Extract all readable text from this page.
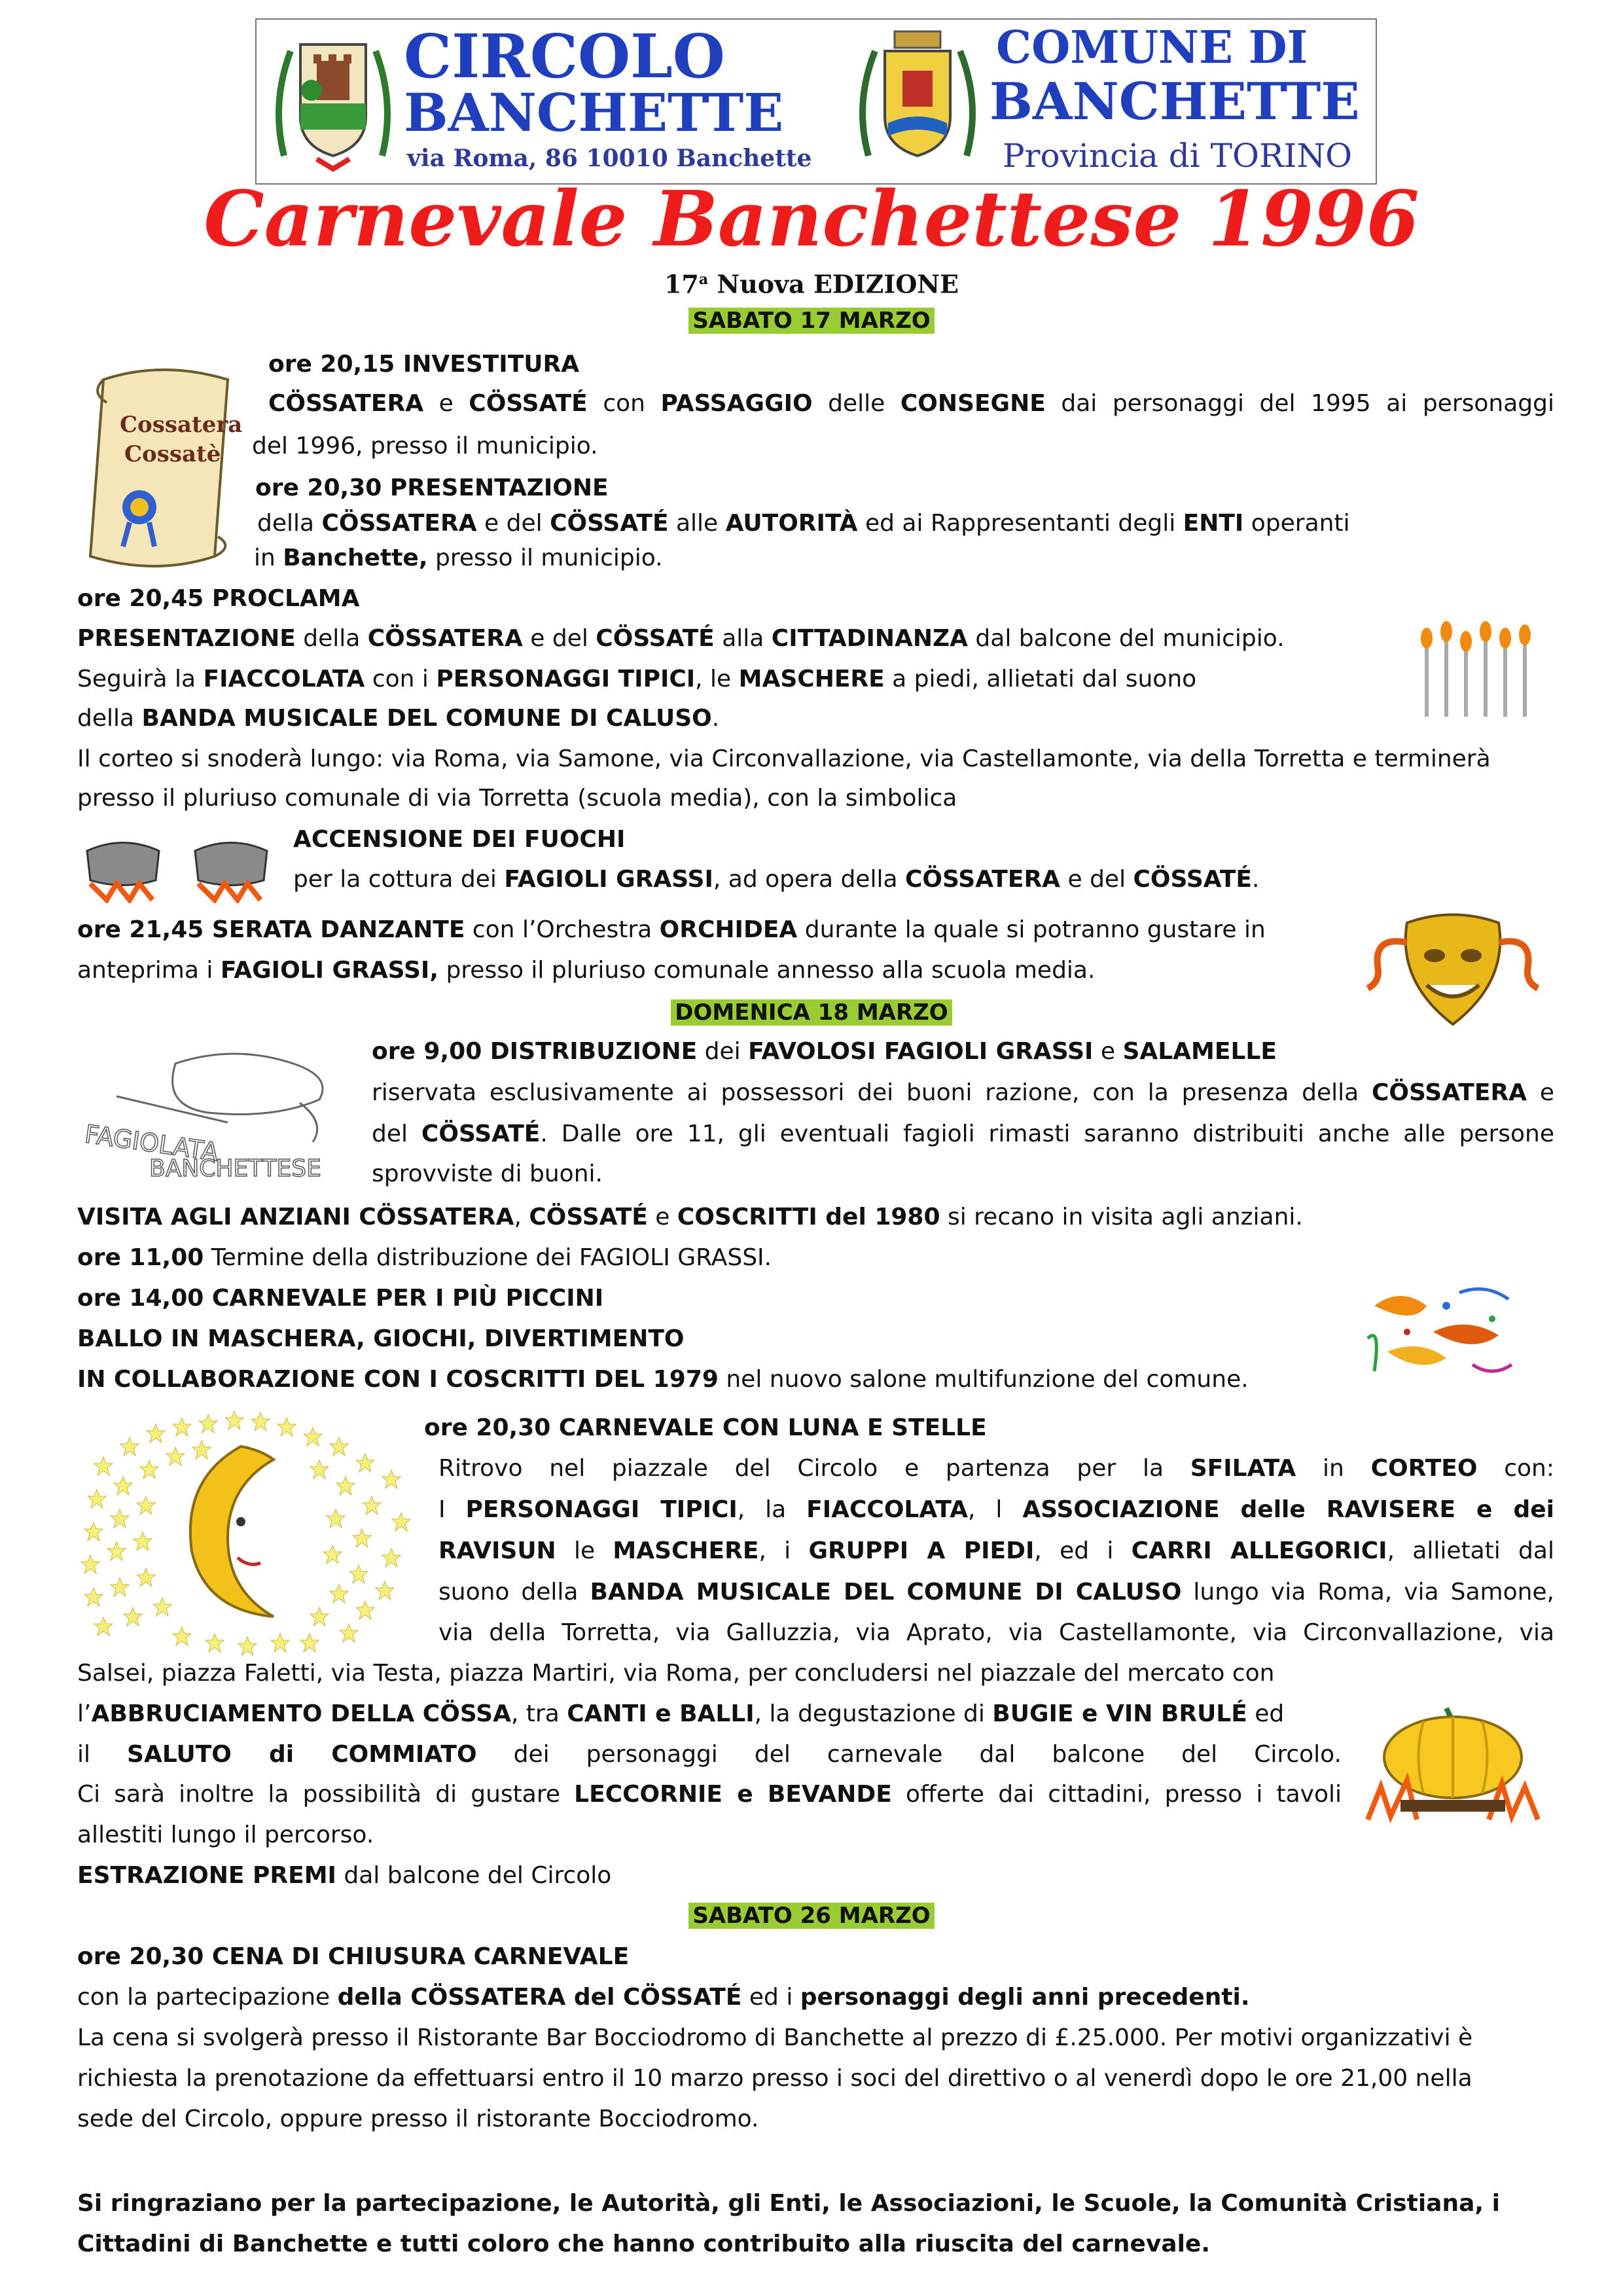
CIRCOLO
BANCHETTE
via Roma, 86 10010 Banchette
COMUNE DI
BANCHETTE
Provincia di TORINO
Carnevale Banchettese 1996
17$^a$ Nuova EDIZIONE
SABATO 17 MARZO
Cossatera
Cossatè
ore 20,15 INVESTITURA
CÖSSATERA e CÖSSATÉ con PASSAGGIO delle CONSEGNE dai personaggi del 1995 ai personaggi
del 1996, presso il municipio.
ore 20,30 PRESENTAZIONE
della CÖSSATERA e del CÖSSATÉ alle AUTORITÀ ed ai Rappresentanti degli ENTI operanti
in Banchette, presso il municipio.
ore 20,45 PROCLAMA
PRESENTAZIONE della CÖSSATERA e del CÖSSATÉ alla CITTADINANZA dal balcone del municipio.
Seguirà la FIACCOLATA con i PERSONAGGI TIPICI, le MASCHERE a piedi, allietati dal suono
della BANDA MUSICALE DEL COMUNE DI CALUSO.
Il corteo si snoderà lungo: via Roma, via Samone, via Circonvallazione, via Castellamonte, via della Torretta e terminerà
presso il pluriuso comunale di via Torretta (scuola media), con la simbolica
ACCENSIONE DEI FUOCHI
per la cottura dei FAGIOLI GRASSI, ad opera della CÖSSATERA e del CÖSSATÉ.
ore 21,45 SERATA DANZANTE con l’Orchestra ORCHIDEA durante la quale si potranno gustare in
anteprima i FAGIOLI GRASSI, presso il pluriuso comunale annesso alla scuola media.
DOMENICA 18 MARZO
FAGIOLATA
BANCHETTESE
ore 9,00 DISTRIBUZIONE dei FAVOLOSI FAGIOLI GRASSI e SALAMELLE
riservata esclusivamente ai possessori dei buoni razione, con la presenza della CÖSSATERA e
del CÖSSATÉ. Dalle ore 11, gli eventuali fagioli rimasti saranno distribuiti anche alle persone
sprovviste di buoni.
VISITA AGLI ANZIANI CÖSSATERA, CÖSSATÉ e COSCRITTI del 1980 si recano in visita agli anziani.
ore 11,00 Termine della distribuzione dei FAGIOLI GRASSI.
ore 14,00 CARNEVALE PER I PIÙ PICCINI
BALLO IN MASCHERA, GIOCHI, DIVERTIMENTO
IN COLLABORAZIONE CON I COSCRITTI DEL 1979 nel nuovo salone multifunzione del comune.
ore 20,30 CARNEVALE CON LUNA E STELLE
Ritrovo nel piazzale del Circolo e partenza per la SFILATA in CORTEO con:
I PERSONAGGI TIPICI, la FIACCOLATA, l ASSOCIAZIONE delle RAVISERE e dei
RAVISUN le MASCHERE, i GRUPPI A PIEDI, ed i CARRI ALLEGORICI, allietati dal
suono della BANDA MUSICALE DEL COMUNE DI CALUSO lungo via Roma, via Samone,
via della Torretta, via Galluzzia, via Aprato, via Castellamonte, via Circonvallazione, via
Salsei, piazza Faletti, via Testa, piazza Martiri, via Roma, per concludersi nel piazzale del mercato con
l’ABBRUCIAMENTO DELLA CÖSSA, tra CANTI e BALLI, la degustazione di BUGIE e VIN BRULÉ ed
il SALUTO di COMMIATO dei personaggi del carnevale dal balcone del Circolo.
Ci sarà inoltre la possibilità di gustare LECCORNIE e BEVANDE offerte dai cittadini, presso i tavoli
allestiti lungo il percorso.
ESTRAZIONE PREMI dal balcone del Circolo
SABATO 26 MARZO
ore 20,30 CENA DI CHIUSURA CARNEVALE
con la partecipazione della CÖSSATERA del CÖSSATÉ ed i personaggi degli anni precedenti.
La cena si svolgerà presso il Ristorante Bar Bocciodromo di Banchette al prezzo di £.25.000. Per motivi organizzativi è
richiesta la prenotazione da effettuarsi entro il 10 marzo presso i soci del direttivo o al venerdì dopo le ore 21,00 nella
sede del Circolo, oppure presso il ristorante Bocciodromo.
Si ringraziano per la partecipazione, le Autorità, gli Enti, le Associazioni, le Scuole, la Comunità Cristiana, i
Cittadini di Banchette e tutti coloro che hanno contribuito alla riuscita del carnevale.
